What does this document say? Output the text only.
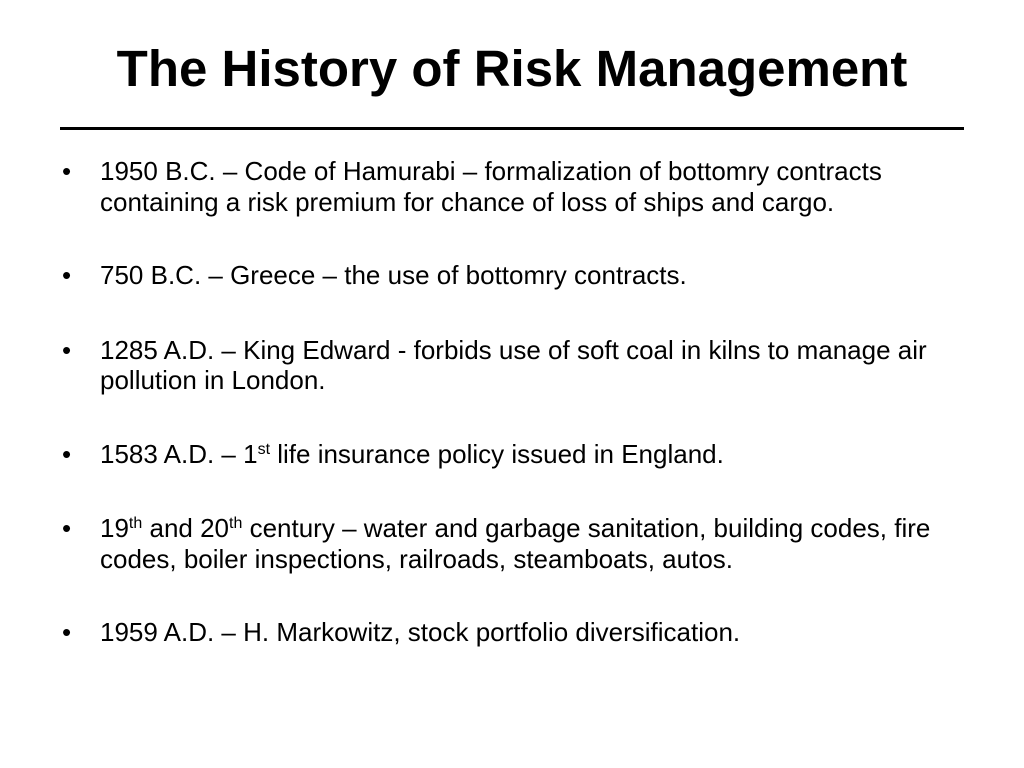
The History of Risk Management
•	1950 B.C. – Code of Hamurabi – formalization of bottomry contracts containing a risk premium for chance of loss of ships and cargo.
•	750 B.C. – Greece – the use of bottomry contracts.
•	1285 A.D. – King Edward - forbids use of soft coal in kilns to manage air pollution in London.
•	1583 A.D. – 1st life insurance policy issued in England.
•	19th and 20th century – water and garbage sanitation, building codes, fire codes, boiler inspections, railroads, steamboats, autos.
•	1959 A.D. – H. Markowitz, stock portfolio diversification.
